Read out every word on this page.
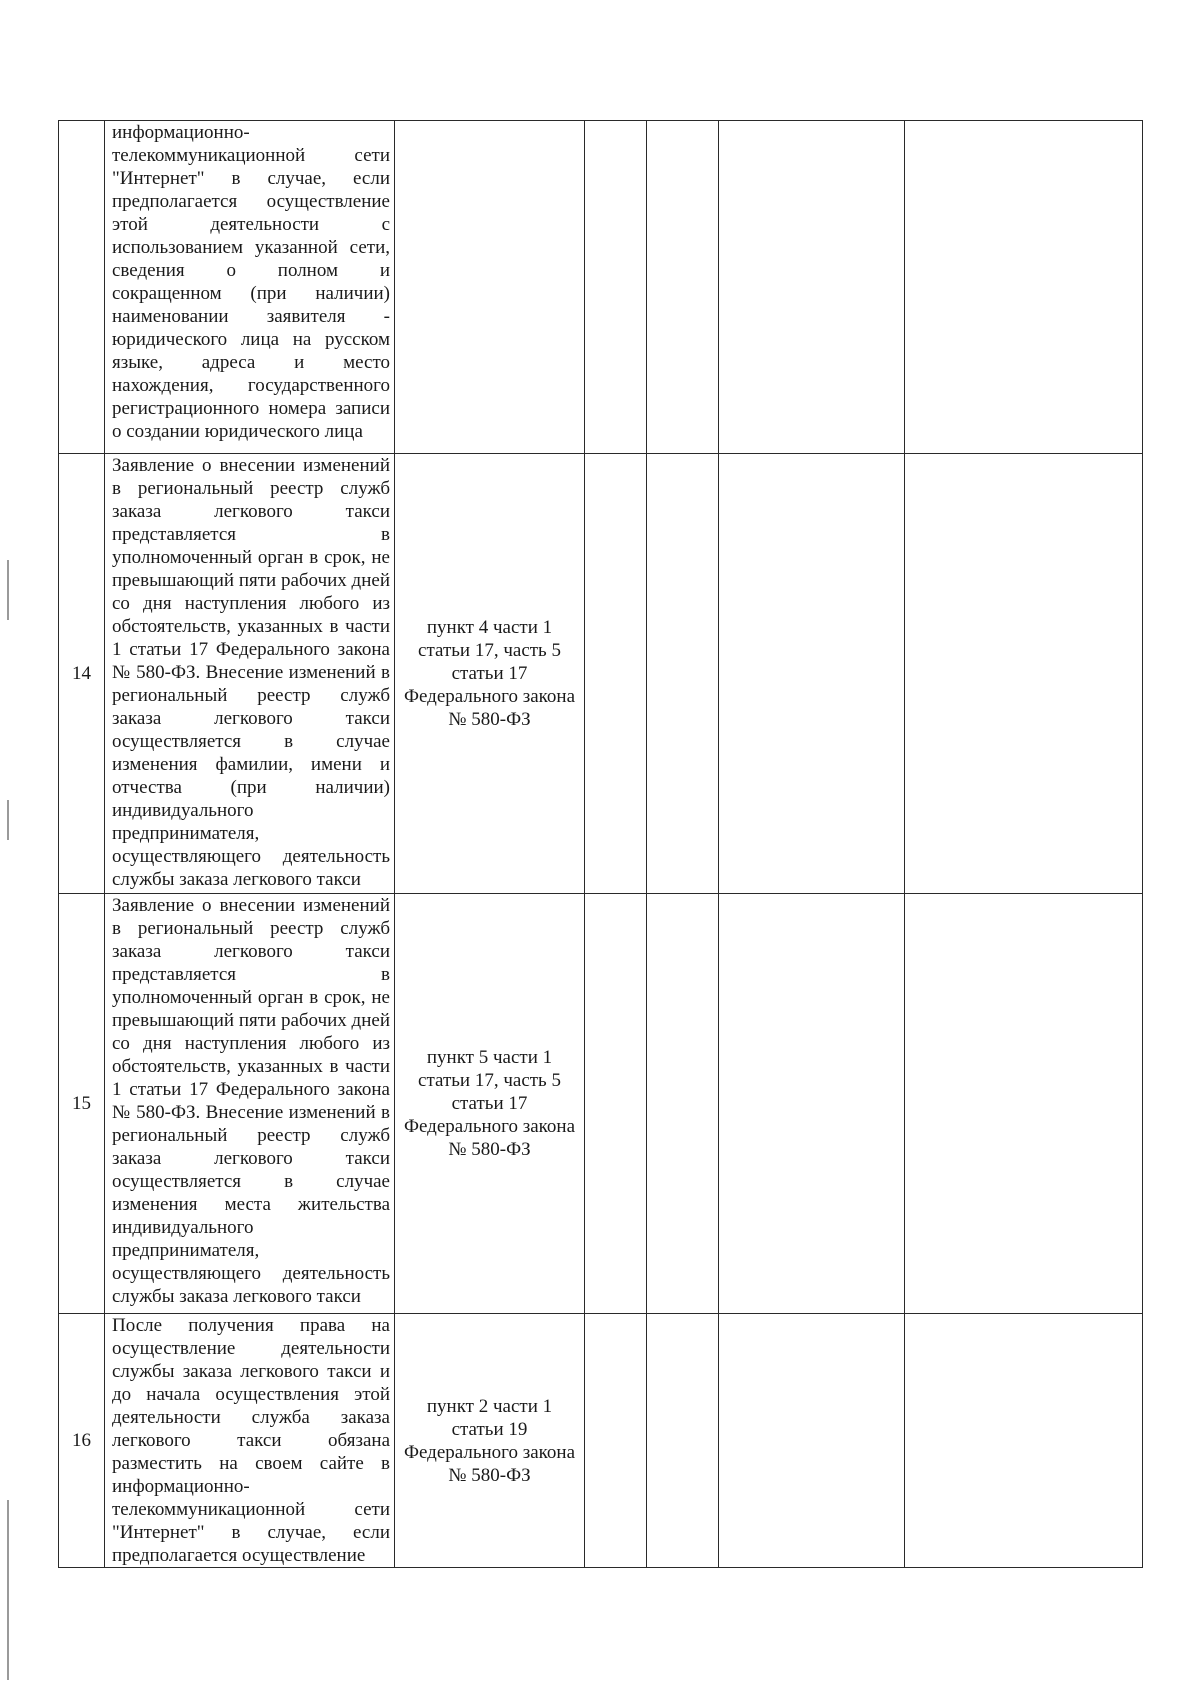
	информационно-телекоммуникационной сети "Интернет" в случае, если предполагается осуществление этой деятельности с использованием указанной сети, сведения о полном и сокращенном (при наличии) наименовании заявителя - юридического лица на русском языке, адреса и место нахождения, государственного регистрационного номера записи о создании юридического лица					

14	Заявление о внесении изменений в региональный реестр служб заказа легкового такси представляется в уполномоченный орган в срок, не превышающий пяти рабочих дней со дня наступления любого из обстоятельств, указанных в части 1 статьи 17 Федерального закона № 580-ФЗ. Внесение изменений в региональный реестр служб заказа легкового такси осуществляется в случае изменения фамилии, имени и отчества (при наличии) индивидуального предпринимателя, осуществляющего деятельность службы заказа легкового такси	пункт 4 части 1 статьи 17, часть 5 статьи 17 Федерального закона № 580-ФЗ				
15	Заявление о внесении изменений в региональный реестр служб заказа легкового такси представляется в уполномоченный орган в срок, не превышающий пяти рабочих дней со дня наступления любого из обстоятельств, указанных в части 1 статьи 17 Федерального закона № 580-ФЗ. Внесение изменений в региональный реестр служб заказа легкового такси осуществляется в случае изменения места жительства индивидуального предпринимателя, осуществляющего деятельность службы заказа легкового такси	пункт 5 части 1 статьи 17, часть 5 статьи 17 Федерального закона № 580-ФЗ				
16	После получения права на осуществление деятельности службы заказа легкового такси и до начала осуществления этой деятельности служба заказа легкового такси обязана разместить на своем сайте в информационно-телекоммуникационной сети "Интернет" в случае, если предполагается осуществление	пункт 2 части 1 статьи 19 Федерального закона № 580-ФЗ				
